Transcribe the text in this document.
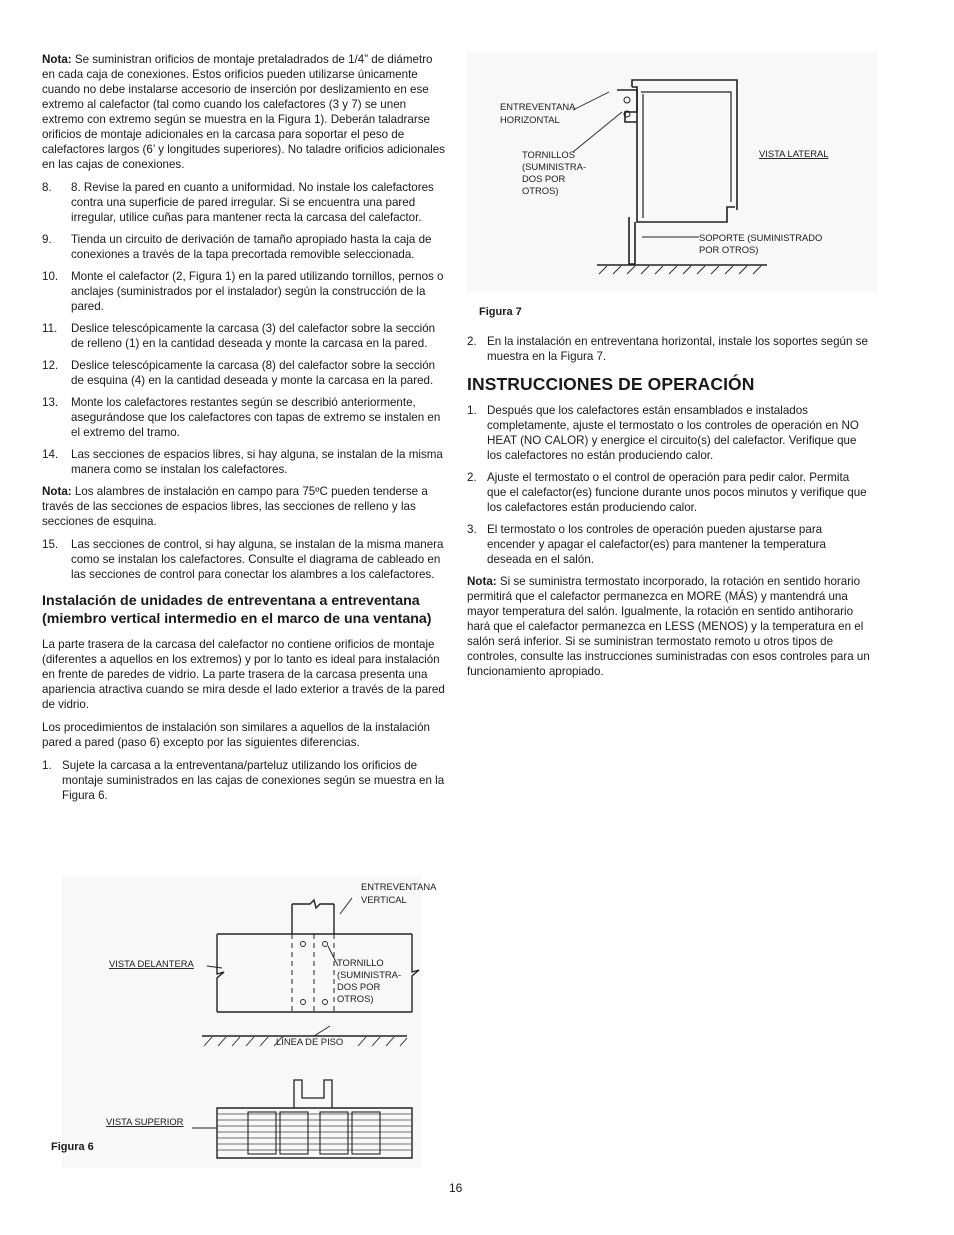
Nota: Se suministran orificios de montaje pretaladrados de 1/4” de diámetro en cada caja de conexiones. Estos orificios pueden utilizarse únicamente cuando no debe instalarse accesorio de inserción por deslizamiento en ese extremo al calefactor (tal como cuando los calefactores (3 y 7) se unen extremo con extremo según se muestra en la Figura 1). Deberán taladrarse orificios de montaje adicionales en la carcasa para soportar el peso de calefactores largos (6’ y longitudes superiores). No taladre orificios adicionales en las cajas de conexiones.

8. 8. Revise la pared en cuanto a uniformidad. No instale los calefactores contra una superficie de pared irregular. Si se encuentra una pared irregular, utilice cuñas para mantener recta la carcasa del calefactor.
9. Tienda un circuito de derivación de tamaño apropiado hasta la caja de conexiones a través de la tapa precortada removible seleccionada.
10. Monte el calefactor (2, Figura 1) en la pared utilizando tornillos, pernos o anclajes (suministrados por el instalador) según la construcción de la pared.
11. Deslice telescópicamente la carcasa (3) del calefactor sobre la sección de relleno (1) en la cantidad deseada y monte la carcasa en la pared.
12. Deslice telescópicamente la carcasa (8) del calefactor sobre la sección de esquina (4) en la cantidad deseada y monte la carcasa en la pared.
13. Monte los calefactores restantes según se describió anteriormente, asegurándose que los calefactores con tapas de extremo se instalen en el extremo del tramo.
14. Las secciones de espacios libres, si hay alguna, se instalan de la misma manera como se instalan los calefactores.

Nota: Los alambres de instalación en campo para 75ºC pueden tenderse a través de las secciones de espacios libres, las secciones de relleno y las secciones de esquina.

15. Las secciones de control, si hay alguna, se instalan de la misma manera como se instalan los calefactores. Consulte el diagrama de cableado en las secciones de control para conectar los alambres a los calefactores.
Instalación de unidades de entreventana a entreventana (miembro vertical intermedio en el marco de una ventana)

La parte trasera de la carcasa del calefactor no contiene orificios de montaje (diferentes a aquellos en los extremos) y por lo tanto es ideal para instalación en frente de paredes de vidrio. La parte trasera de la carcasa presenta una apariencia atractiva cuando se mira desde el lado exterior a través de la pared de vidrio.

Los procedimientos de instalación son similares a aquellos de la instalación pared a pared (paso 6) excepto por las siguientes diferencias.

1. Sujete la carcasa a la entreventana/parteluz utilizando los orificios de montaje suministrados en las cajas de conexiones según se muestra en la Figura 6.
ENTREVENTANA
HORIZONTAL
TORNILLOS
(SUMINISTRA-
DOS POR
OTROS)
VISTA LATERAL
SOPORTE (SUMINISTRADO
POR OTROS)
Figura 7
2. En la instalación en entreventana horizontal, instale los soportes según se muestra en la Figura 7.
INSTRUCCIONES DE OPERACIÓN
1. Después que los calefactores están ensamblados e instalados completamente, ajuste el termostato o los controles de operación en NO HEAT (NO CALOR) y energice el circuito(s) del calefactor. Verifique que los calefactores no están produciendo calor.
2. Ajuste el termostato o el control de operación para pedir calor. Permita que el calefactor(es) funcione durante unos pocos minutos y verifique que los calefactores están produciendo calor.
3. El termostato o los controles de operación pueden ajustarse para encender y apagar el calefactor(es) para mantener la temperatura deseada en el salón.

Nota: Si se suministra termostato incorporado, la rotación en sentido horario permitirá que el calefactor permanezca en MORE (MÁS) y mantendrá una mayor temperatura del salón. Igualmente, la rotación en sentido antihorario hará que el calefactor permanezca en LESS (MENOS) y la temperatura en el salón será inferior. Si se suministran termostato remoto u otros tipos de controles, consulte las instrucciones suministradas con esos controles para un funcionamiento apropiado.

ENTREVENTANA
VERTICAL
VISTA DELANTERA	TORNILLO
(SUMINISTRA-
DOS POR
OTROS)
LÍNEA DE PISO
VISTA SUPERIOR
Figura 6
16
